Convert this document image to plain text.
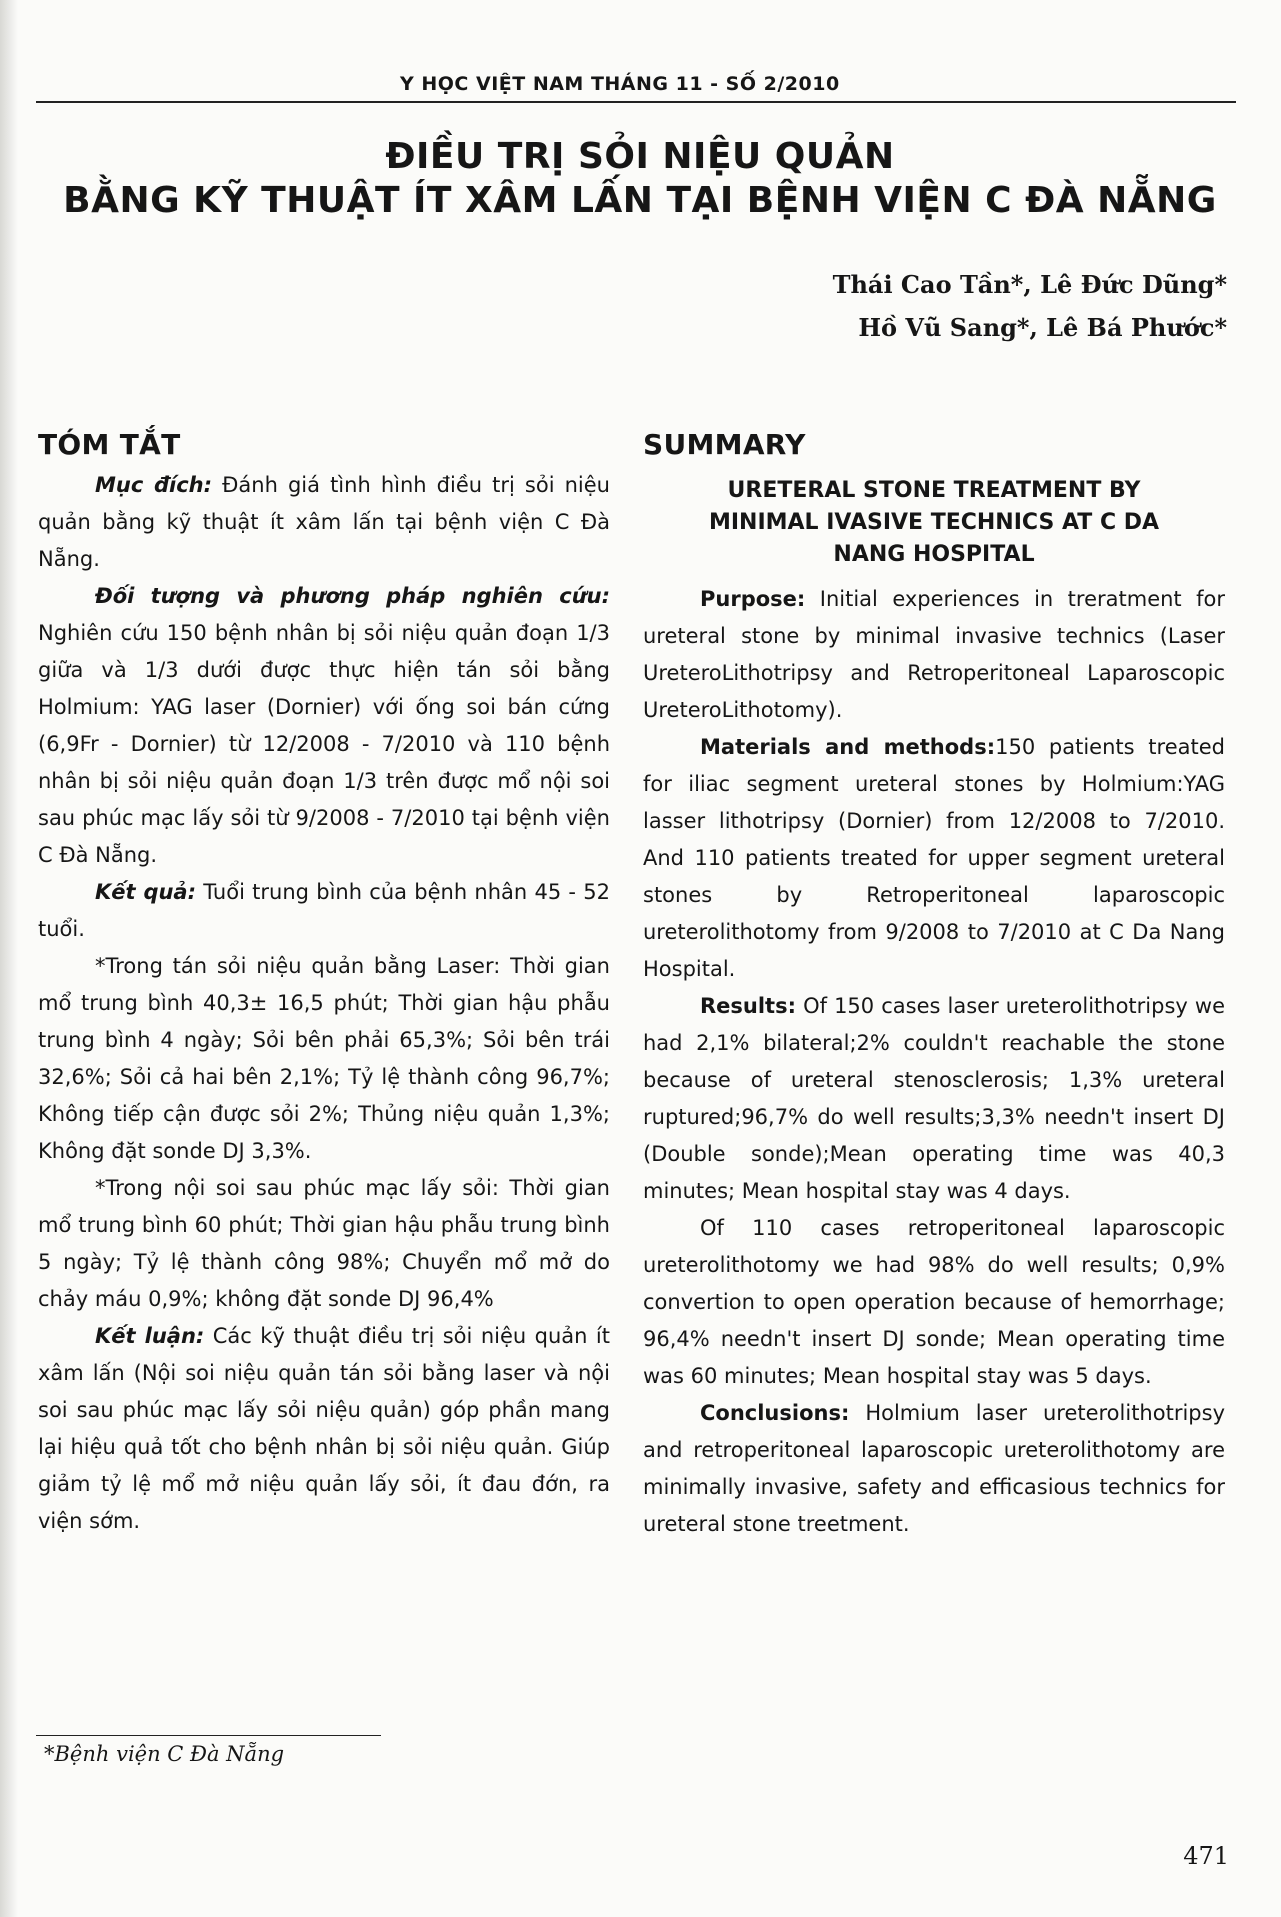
Y HỌC VIỆT NAM THÁNG 11 - SỐ 2/2010
ĐIỀU TRỊ SỎI NIỆU QUẢN
BẰNG KỸ THUẬT ÍT XÂM LẤN TẠI BỆNH VIỆN C ĐÀ NẴNG
Thái Cao Tần*, Lê Đức Dũng*
Hồ Vũ Sang*, Lê Bá Phước*
TÓM TẮT

Mục đích: Đánh giá tình hình điều trị sỏi niệu quản bằng kỹ thuật ít xâm lấn tại bệnh viện C Đà Nẵng.

Đối tượng và phương pháp nghiên cứu: Nghiên cứu 150 bệnh nhân bị sỏi niệu quản đoạn 1/3 giữa và 1/3 dưới được thực hiện tán sỏi bằng Holmium: YAG laser (Dornier) với ống soi bán cứng (6,9Fr - Dornier) từ 12/2008 - 7/2010 và 110 bệnh nhân bị sỏi niệu quản đoạn 1/3 trên được mổ nội soi sau phúc mạc lấy sỏi từ 9/2008 - 7/2010 tại bệnh viện C Đà Nẵng.

Kết quả: Tuổi trung bình của bệnh nhân 45 - 52 tuổi.

*Trong tán sỏi niệu quản bằng Laser: Thời gian mổ trung bình 40,3± 16,5 phút; Thời gian hậu phẫu trung bình 4 ngày; Sỏi bên phải 65,3%; Sỏi bên trái 32,6%; Sỏi cả hai bên 2,1%; Tỷ lệ thành công 96,7%; Không tiếp cận được sỏi 2%; Thủng niệu quản 1,3%; Không đặt sonde DJ 3,3%.

*Trong nội soi sau phúc mạc lấy sỏi: Thời gian mổ trung bình 60 phút; Thời gian hậu phẫu trung bình 5 ngày; Tỷ lệ thành công 98%; Chuyển mổ mở do chảy máu 0,9%; không đặt sonde DJ 96,4%

Kết luận: Các kỹ thuật điều trị sỏi niệu quản ít xâm lấn (Nội soi niệu quản tán sỏi bằng laser và nội soi sau phúc mạc lấy sỏi niệu quản) góp phần mang lại hiệu quả tốt cho bệnh nhân bị sỏi niệu quản. Giúp giảm tỷ lệ mổ mở niệu quản lấy sỏi, ít đau đớn, ra viện sớm.

SUMMARY
URETERAL STONE TREATMENT BY
MINIMAL IVASIVE TECHNICS AT C DA
NANG HOSPITAL

Purpose: Initial experiences in treratment for ureteral stone by minimal invasive technics (Laser UreteroLithotripsy and Retroperitoneal Laparoscopic UreteroLithotomy).

Materials and methods:150 patients treated for iliac segment ureteral stones by Holmium:YAG lasser lithotripsy (Dornier) from 12/2008 to 7/2010. And 110 patients treated for upper segment ureteral stones by Retroperitoneal laparoscopic ureterolithotomy from 9/2008 to 7/2010 at C Da Nang Hospital.

Results: Of 150 cases laser ureterolithotripsy we had 2,1% bilateral;2% couldn't reachable the stone because of ureteral stenosclerosis; 1,3% ureteral ruptured;96,7% do well results;3,3% needn't insert DJ (Double sonde);Mean operating time was 40,3 minutes; Mean hospital stay was 4 days.

Of 110 cases retroperitoneal laparoscopic ureterolithotomy we had 98% do well results; 0,9% convertion to open operation because of hemorrhage; 96,4% needn't insert DJ sonde; Mean operating time was 60 minutes; Mean hospital stay was 5 days.

Conclusions: Holmium laser ureterolithotripsy and retroperitoneal laparoscopic ureterolithotomy are minimally invasive, safety and efficasious technics for ureteral stone treetment.

*Bệnh viện C Đà Nẵng
471
